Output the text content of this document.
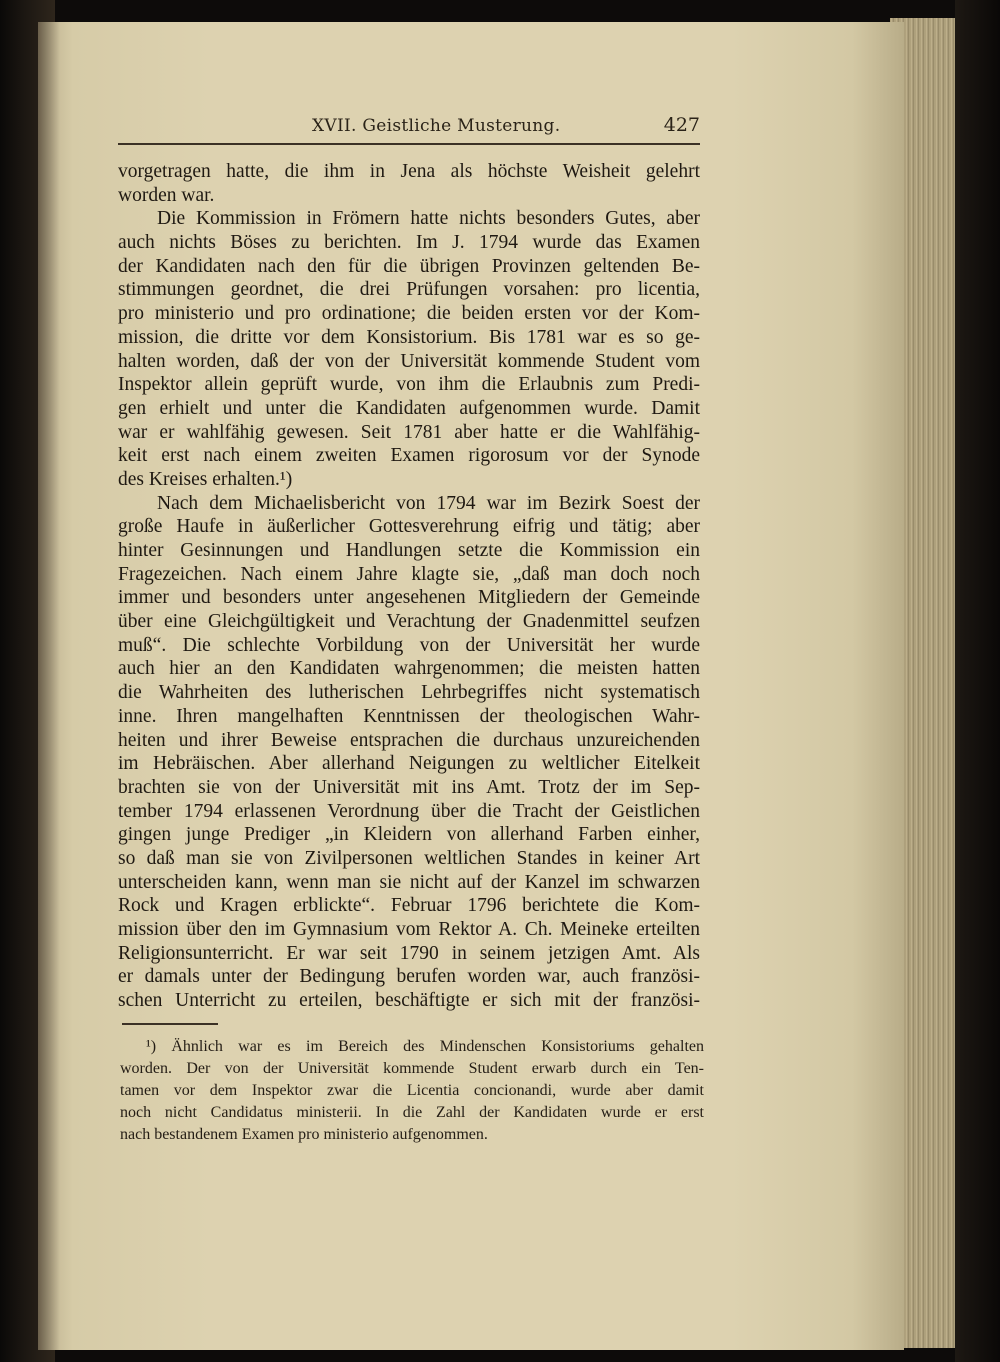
XVII. Geistliche Musterung.	427
vorgetragen hatte, die ihm in Jena als höchste Weisheit gelehrt
worden war.
Die Kommission in Frömern hatte nichts besonders Gutes, aber
auch nichts Böses zu berichten. Im J. 1794 wurde das Examen
der Kandidaten nach den für die übrigen Provinzen geltenden Be-
stimmungen geordnet, die drei Prüfungen vorsahen: pro licentia,
pro ministerio und pro ordinatione; die beiden ersten vor der Kom-
mission, die dritte vor dem Konsistorium. Bis 1781 war es so ge-
halten worden, daß der von der Universität kommende Student vom
Inspektor allein geprüft wurde, von ihm die Erlaubnis zum Predi-
gen erhielt und unter die Kandidaten aufgenommen wurde. Damit
war er wahlfähig gewesen. Seit 1781 aber hatte er die Wahlfähig-
keit erst nach einem zweiten Examen rigorosum vor der Synode
des Kreises erhalten.¹)
Nach dem Michaelisbericht von 1794 war im Bezirk Soest der
große Haufe in äußerlicher Gottesverehrung eifrig und tätig; aber
hinter Gesinnungen und Handlungen setzte die Kommission ein
Fragezeichen. Nach einem Jahre klagte sie, „daß man doch noch
immer und besonders unter angesehenen Mitgliedern der Gemeinde
über eine Gleichgültigkeit und Verachtung der Gnadenmittel seufzen
muß“. Die schlechte Vorbildung von der Universität her wurde
auch hier an den Kandidaten wahrgenommen; die meisten hatten
die Wahrheiten des lutherischen Lehrbegriffes nicht systematisch
inne. Ihren mangelhaften Kenntnissen der theologischen Wahr-
heiten und ihrer Beweise entsprachen die durchaus unzureichenden
im Hebräischen. Aber allerhand Neigungen zu weltlicher Eitelkeit
brachten sie von der Universität mit ins Amt. Trotz der im Sep-
tember 1794 erlassenen Verordnung über die Tracht der Geistlichen
gingen junge Prediger „in Kleidern von allerhand Farben einher,
so daß man sie von Zivilpersonen weltlichen Standes in keiner Art
unterscheiden kann, wenn man sie nicht auf der Kanzel im schwarzen
Rock und Kragen erblickte“. Februar 1796 berichtete die Kom-
mission über den im Gymnasium vom Rektor A. Ch. Meineke erteilten
Religionsunterricht. Er war seit 1790 in seinem jetzigen Amt. Als
er damals unter der Bedingung berufen worden war, auch französi-
schen Unterricht zu erteilen, beschäftigte er sich mit der französi-
¹) Ähnlich war es im Bereich des Mindenschen Konsistoriums gehalten
worden. Der von der Universität kommende Student erwarb durch ein Ten-
tamen vor dem Inspektor zwar die Licentia concionandi, wurde aber damit
noch nicht Candidatus ministerii. In die Zahl der Kandidaten wurde er erst
nach bestandenem Examen pro ministerio aufgenommen.
